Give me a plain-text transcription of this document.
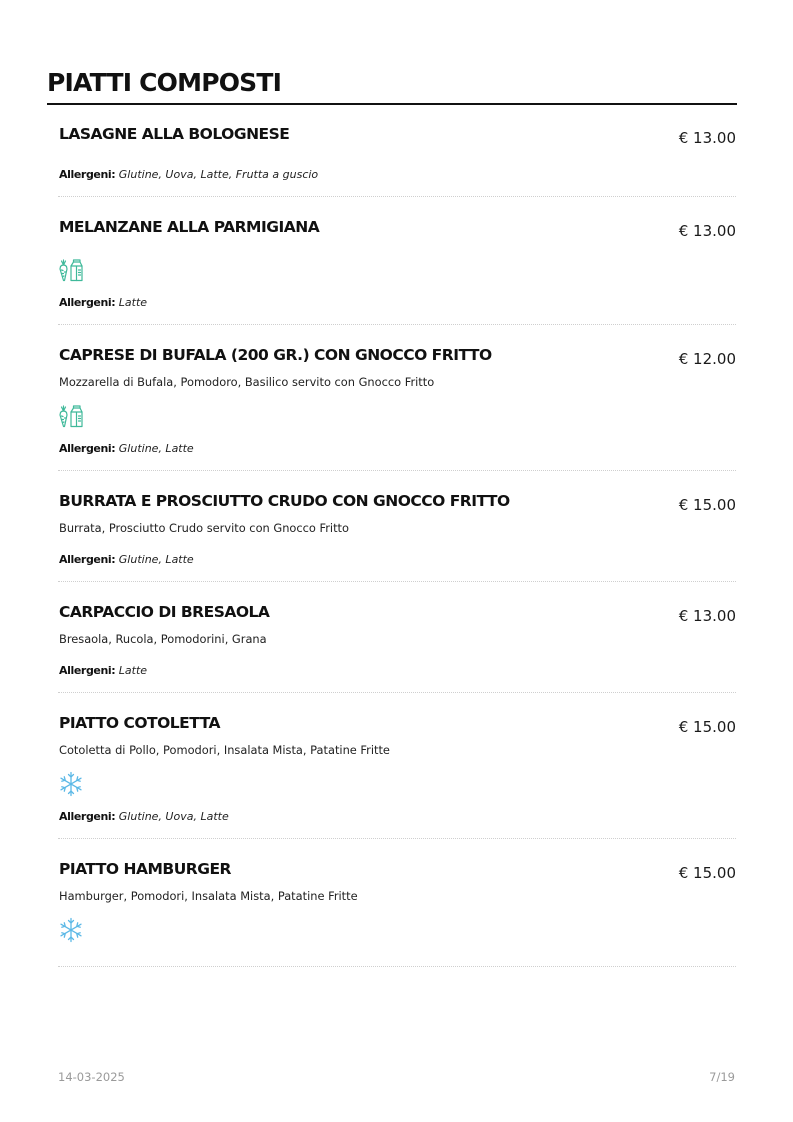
PIATTI COMPOSTI
LASAGNE ALLA BOLOGNESE	€ 13.00
Allergeni: Glutine, Uova, Latte, Frutta a guscio
MELANZANE ALLA PARMIGIANA	€ 13.00
Allergeni: Latte
CAPRESE DI BUFALA (200 GR.) CON GNOCCO FRITTO	€ 12.00
Mozzarella di Bufala, Pomodoro, Basilico servito con Gnocco Fritto
Allergeni: Glutine, Latte
BURRATA E PROSCIUTTO CRUDO CON GNOCCO FRITTO	€ 15.00
Burrata, Prosciutto Crudo servito con Gnocco Fritto
Allergeni: Glutine, Latte
CARPACCIO DI BRESAOLA	€ 13.00
Bresaola, Rucola, Pomodorini, Grana
Allergeni: Latte
PIATTO COTOLETTA	€ 15.00
Cotoletta di Pollo, Pomodori, Insalata Mista, Patatine Fritte
Allergeni: Glutine, Uova, Latte
PIATTO HAMBURGER	€ 15.00
Hamburger, Pomodori, Insalata Mista, Patatine Fritte
14-03-2025	7/19
